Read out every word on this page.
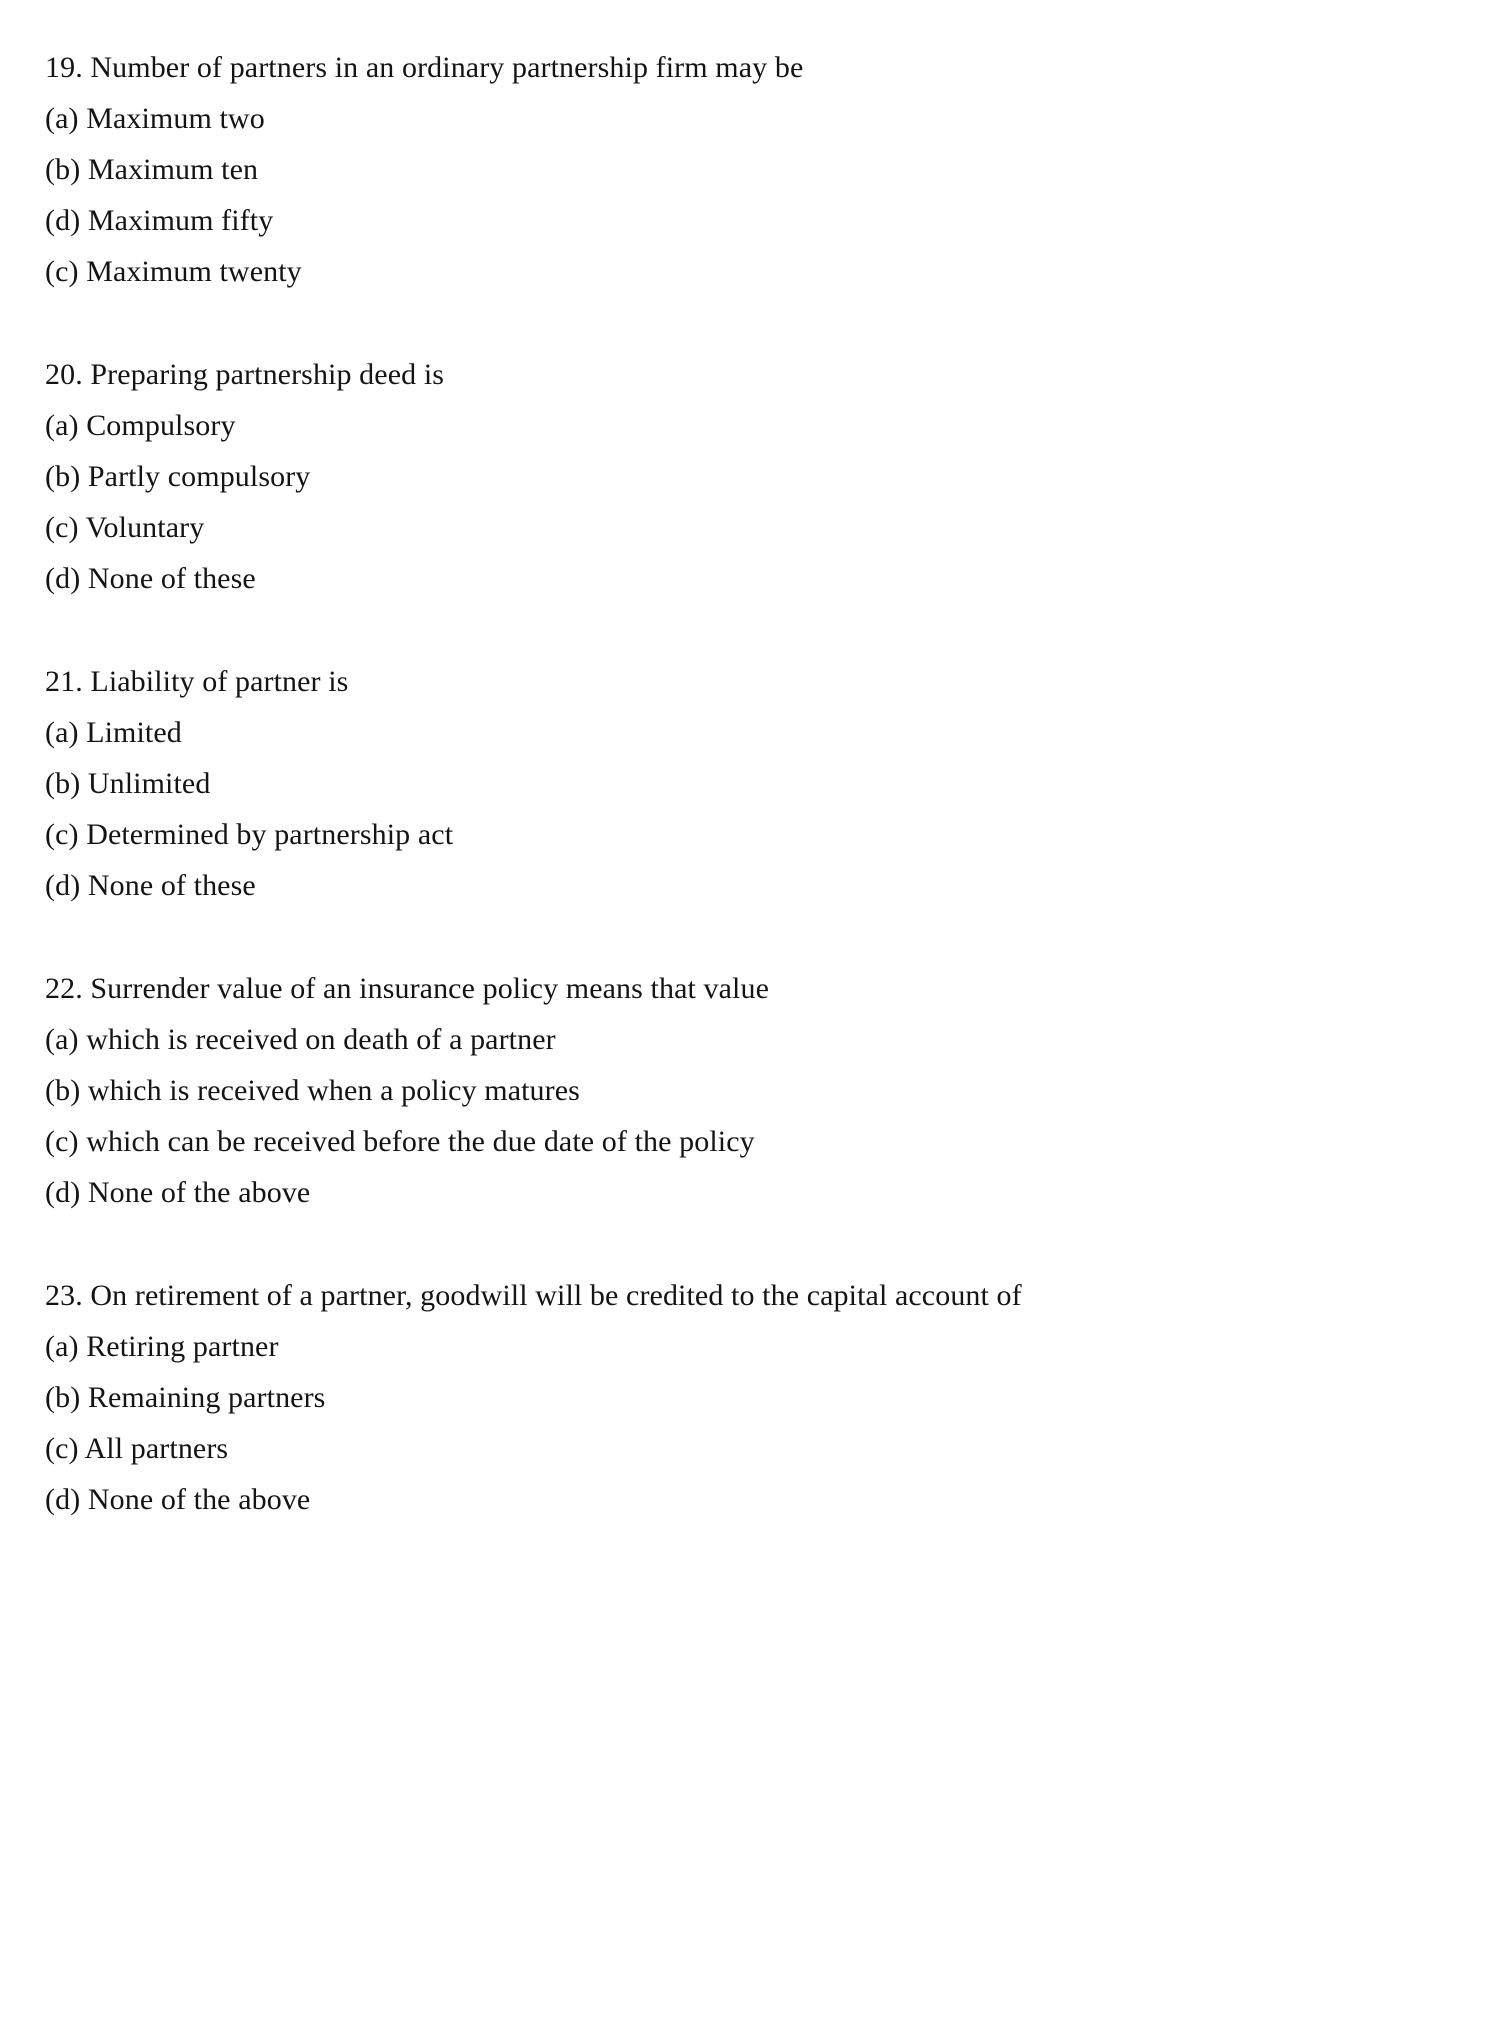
19. Number of partners in an ordinary partnership firm may be
(a) Maximum two
(b) Maximum ten
(d) Maximum fifty
(c) Maximum twenty
20. Preparing partnership deed is
(a) Compulsory
(b) Partly compulsory
(c) Voluntary
(d) None of these
21. Liability of partner is
(a) Limited
(b) Unlimited
(c) Determined by partnership act
(d) None of these
22. Surrender value of an insurance policy means that value
(a) which is received on death of a partner
(b) which is received when a policy matures
(c) which can be received before the due date of the policy
(d) None of the above
23. On retirement of a partner, goodwill will be credited to the capital account of
(a) Retiring partner
(b) Remaining partners
(c) All partners
(d) None of the above
